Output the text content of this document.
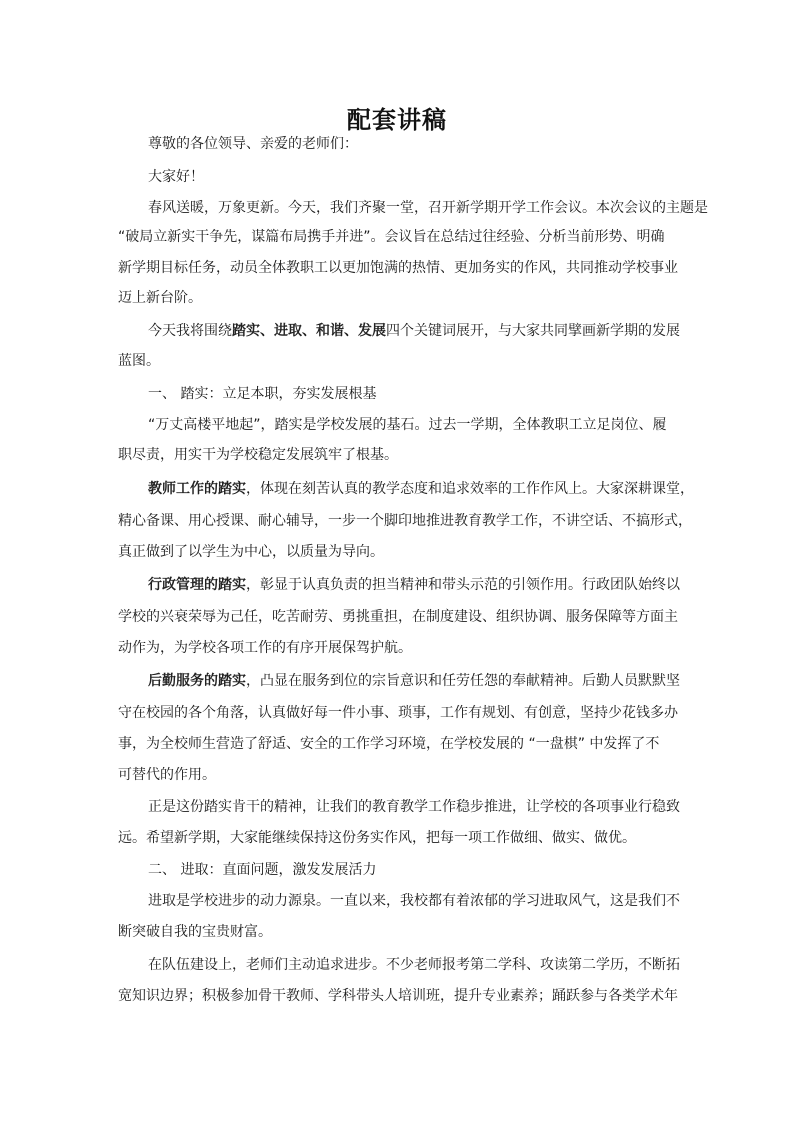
配套讲稿
尊敬的各位领导、亲爱的老师们：
大家好！
春风送暖，万象更新。今天，我们齐聚一堂，召开新学期开学工作会议。本次会议的主题是
“破局立新实干争先，谋篇布局携手并进”。会议旨在总结过往经验、分析当前形势、明确
新学期目标任务，动员全体教职工以更加饱满的热情、更加务实的作风，共同推动学校事业
迈上新台阶。
今天我将围绕踏实、进取、和谐、发展四个关键词展开，与大家共同擘画新学期的发展
蓝图。
一、 踏实：立足本职，夯实发展根基
“万丈高楼平地起”，踏实是学校发展的基石。过去一学期，全体教职工立足岗位、履
职尽责，用实干为学校稳定发展筑牢了根基。
教师工作的踏实，体现在刻苦认真的教学态度和追求效率的工作作风上。大家深耕课堂，
精心备课、用心授课、耐心辅导，一步一个脚印地推进教育教学工作，不讲空话、不搞形式，
真正做到了以学生为中心，以质量为导向。
行政管理的踏实，彰显于认真负责的担当精神和带头示范的引领作用。行政团队始终以
学校的兴衰荣辱为己任，吃苦耐劳、勇挑重担，在制度建设、组织协调、服务保障等方面主
动作为，为学校各项工作的有序开展保驾护航。
后勤服务的踏实，凸显在服务到位的宗旨意识和任劳任怨的奉献精神。后勤人员默默坚
守在校园的各个角落，认真做好每一件小事、琐事，工作有规划、有创意，坚持少花钱多办
事，为全校师生营造了舒适、安全的工作学习环境，在学校发展的 “一盘棋” 中发挥了不
可替代的作用。
正是这份踏实肯干的精神，让我们的教育教学工作稳步推进，让学校的各项事业行稳致
远。希望新学期，大家能继续保持这份务实作风，把每一项工作做细、做实、做优。
二、 进取：直面问题，激发发展活力
进取是学校进步的动力源泉。一直以来，我校都有着浓郁的学习进取风气，这是我们不
断突破自我的宝贵财富。
在队伍建设上，老师们主动追求进步。不少老师报考第二学科、攻读第二学历，不断拓
宽知识边界；积极参加骨干教师、学科带头人培训班，提升专业素养；踊跃参与各类学术年
